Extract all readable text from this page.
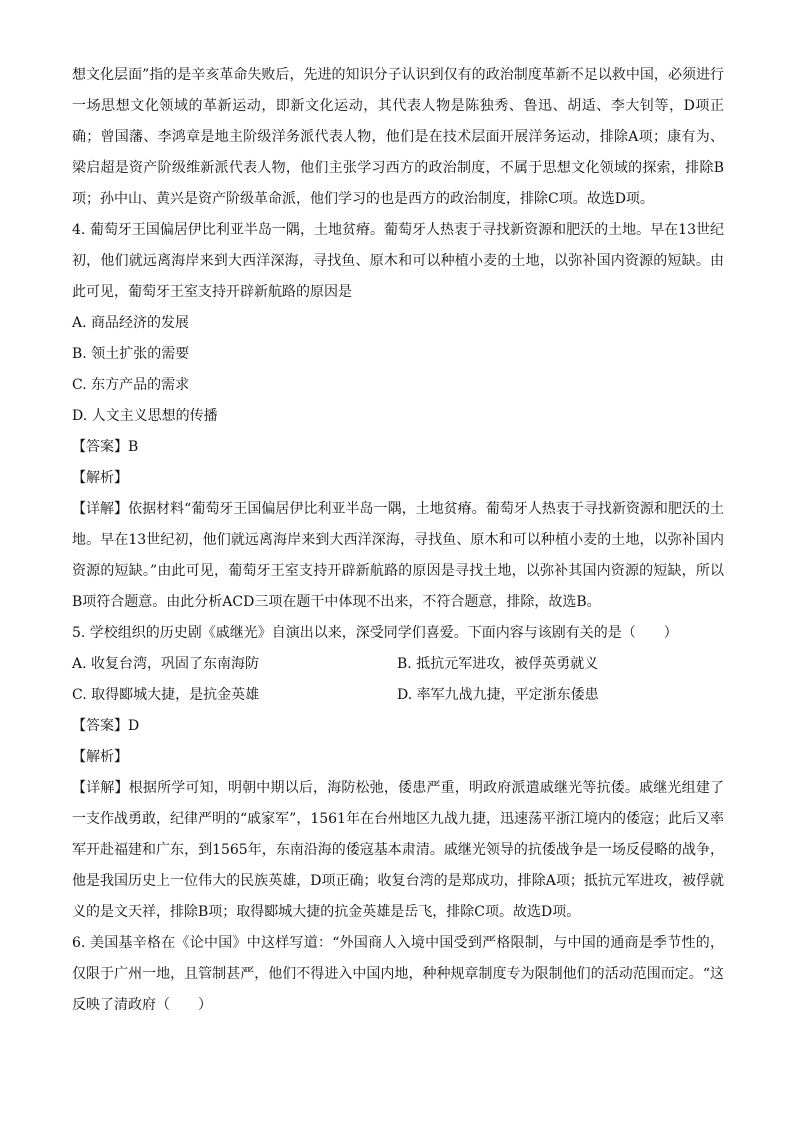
想文化层面”指的是辛亥革命失败后，先进的知识分子认识到仅有的政治制度革新不足以救中国，必须进行一场思想文化领域的革新运动，即新文化运动，其代表人物是陈独秀、鲁迅、胡适、李大钊等，D项正确；曾国藩、李鸿章是地主阶级洋务派代表人物，他们是在技术层面开展洋务运动，排除A项；康有为、梁启超是资产阶级维新派代表人物，他们主张学习西方的政治制度，不属于思想文化领域的探索，排除B项；孙中山、黄兴是资产阶级革命派，他们学习的也是西方的政治制度，排除C项。故选D项。

4. 葡萄牙王国偏居伊比利亚半岛一隅，土地贫瘠。葡萄牙人热衷于寻找新资源和肥沃的土地。早在13世纪初，他们就远离海岸来到大西洋深海，寻找鱼、原木和可以种植小麦的土地，以弥补国内资源的短缺。由此可见，葡萄牙王室支持开辟新航路的原因是

A. 商品经济的发展

B. 领土扩张的需要

C. 东方产品的需求

D. 人文主义思想的传播

【答案】B

【解析】

【详解】依据材料“葡萄牙王国偏居伊比利亚半岛一隅，土地贫瘠。葡萄牙人热衷于寻找新资源和肥沃的土地。早在13世纪初，他们就远离海岸来到大西洋深海，寻找鱼、原木和可以种植小麦的土地，以弥补国内资源的短缺。”由此可见，葡萄牙王室支持开辟新航路的原因是寻找土地，以弥补其国内资源的短缺，所以B项符合题意。由此分析ACD三项在题干中体现不出来，不符合题意，排除，故选B。

5. 学校组织的历史剧《戚继光》自演出以来，深受同学们喜爱。下面内容与该剧有关的是（　　）

A. 收复台湾，巩固了东南海防	B. 抵抗元军进攻，被俘英勇就义
C. 取得郾城大捷，是抗金英雄	D. 率军九战九捷，平定浙东倭患

【答案】D

【解析】

【详解】根据所学可知，明朝中期以后，海防松弛，倭患严重，明政府派遣戚继光等抗倭。戚继光组建了一支作战勇敢，纪律严明的“戚家军”，1561年在台州地区九战九捷，迅速荡平浙江境内的倭寇；此后又率军开赴福建和广东，到1565年，东南沿海的倭寇基本肃清。戚继光领导的抗倭战争是一场反侵略的战争，他是我国历史上一位伟大的民族英雄，D项正确；收复台湾的是郑成功，排除A项；抵抗元军进攻，被俘就义的是文天祥，排除B项；取得郾城大捷的抗金英雄是岳飞，排除C项。故选D项。

6. 美国基辛格在《论中国》中这样写道：“外国商人入境中国受到严格限制，与中国的通商是季节性的，仅限于广州一地，且管制甚严，他们不得进入中国内地，种种规章制度专为限制他们的活动范围而定。“这反映了清政府（　　）
